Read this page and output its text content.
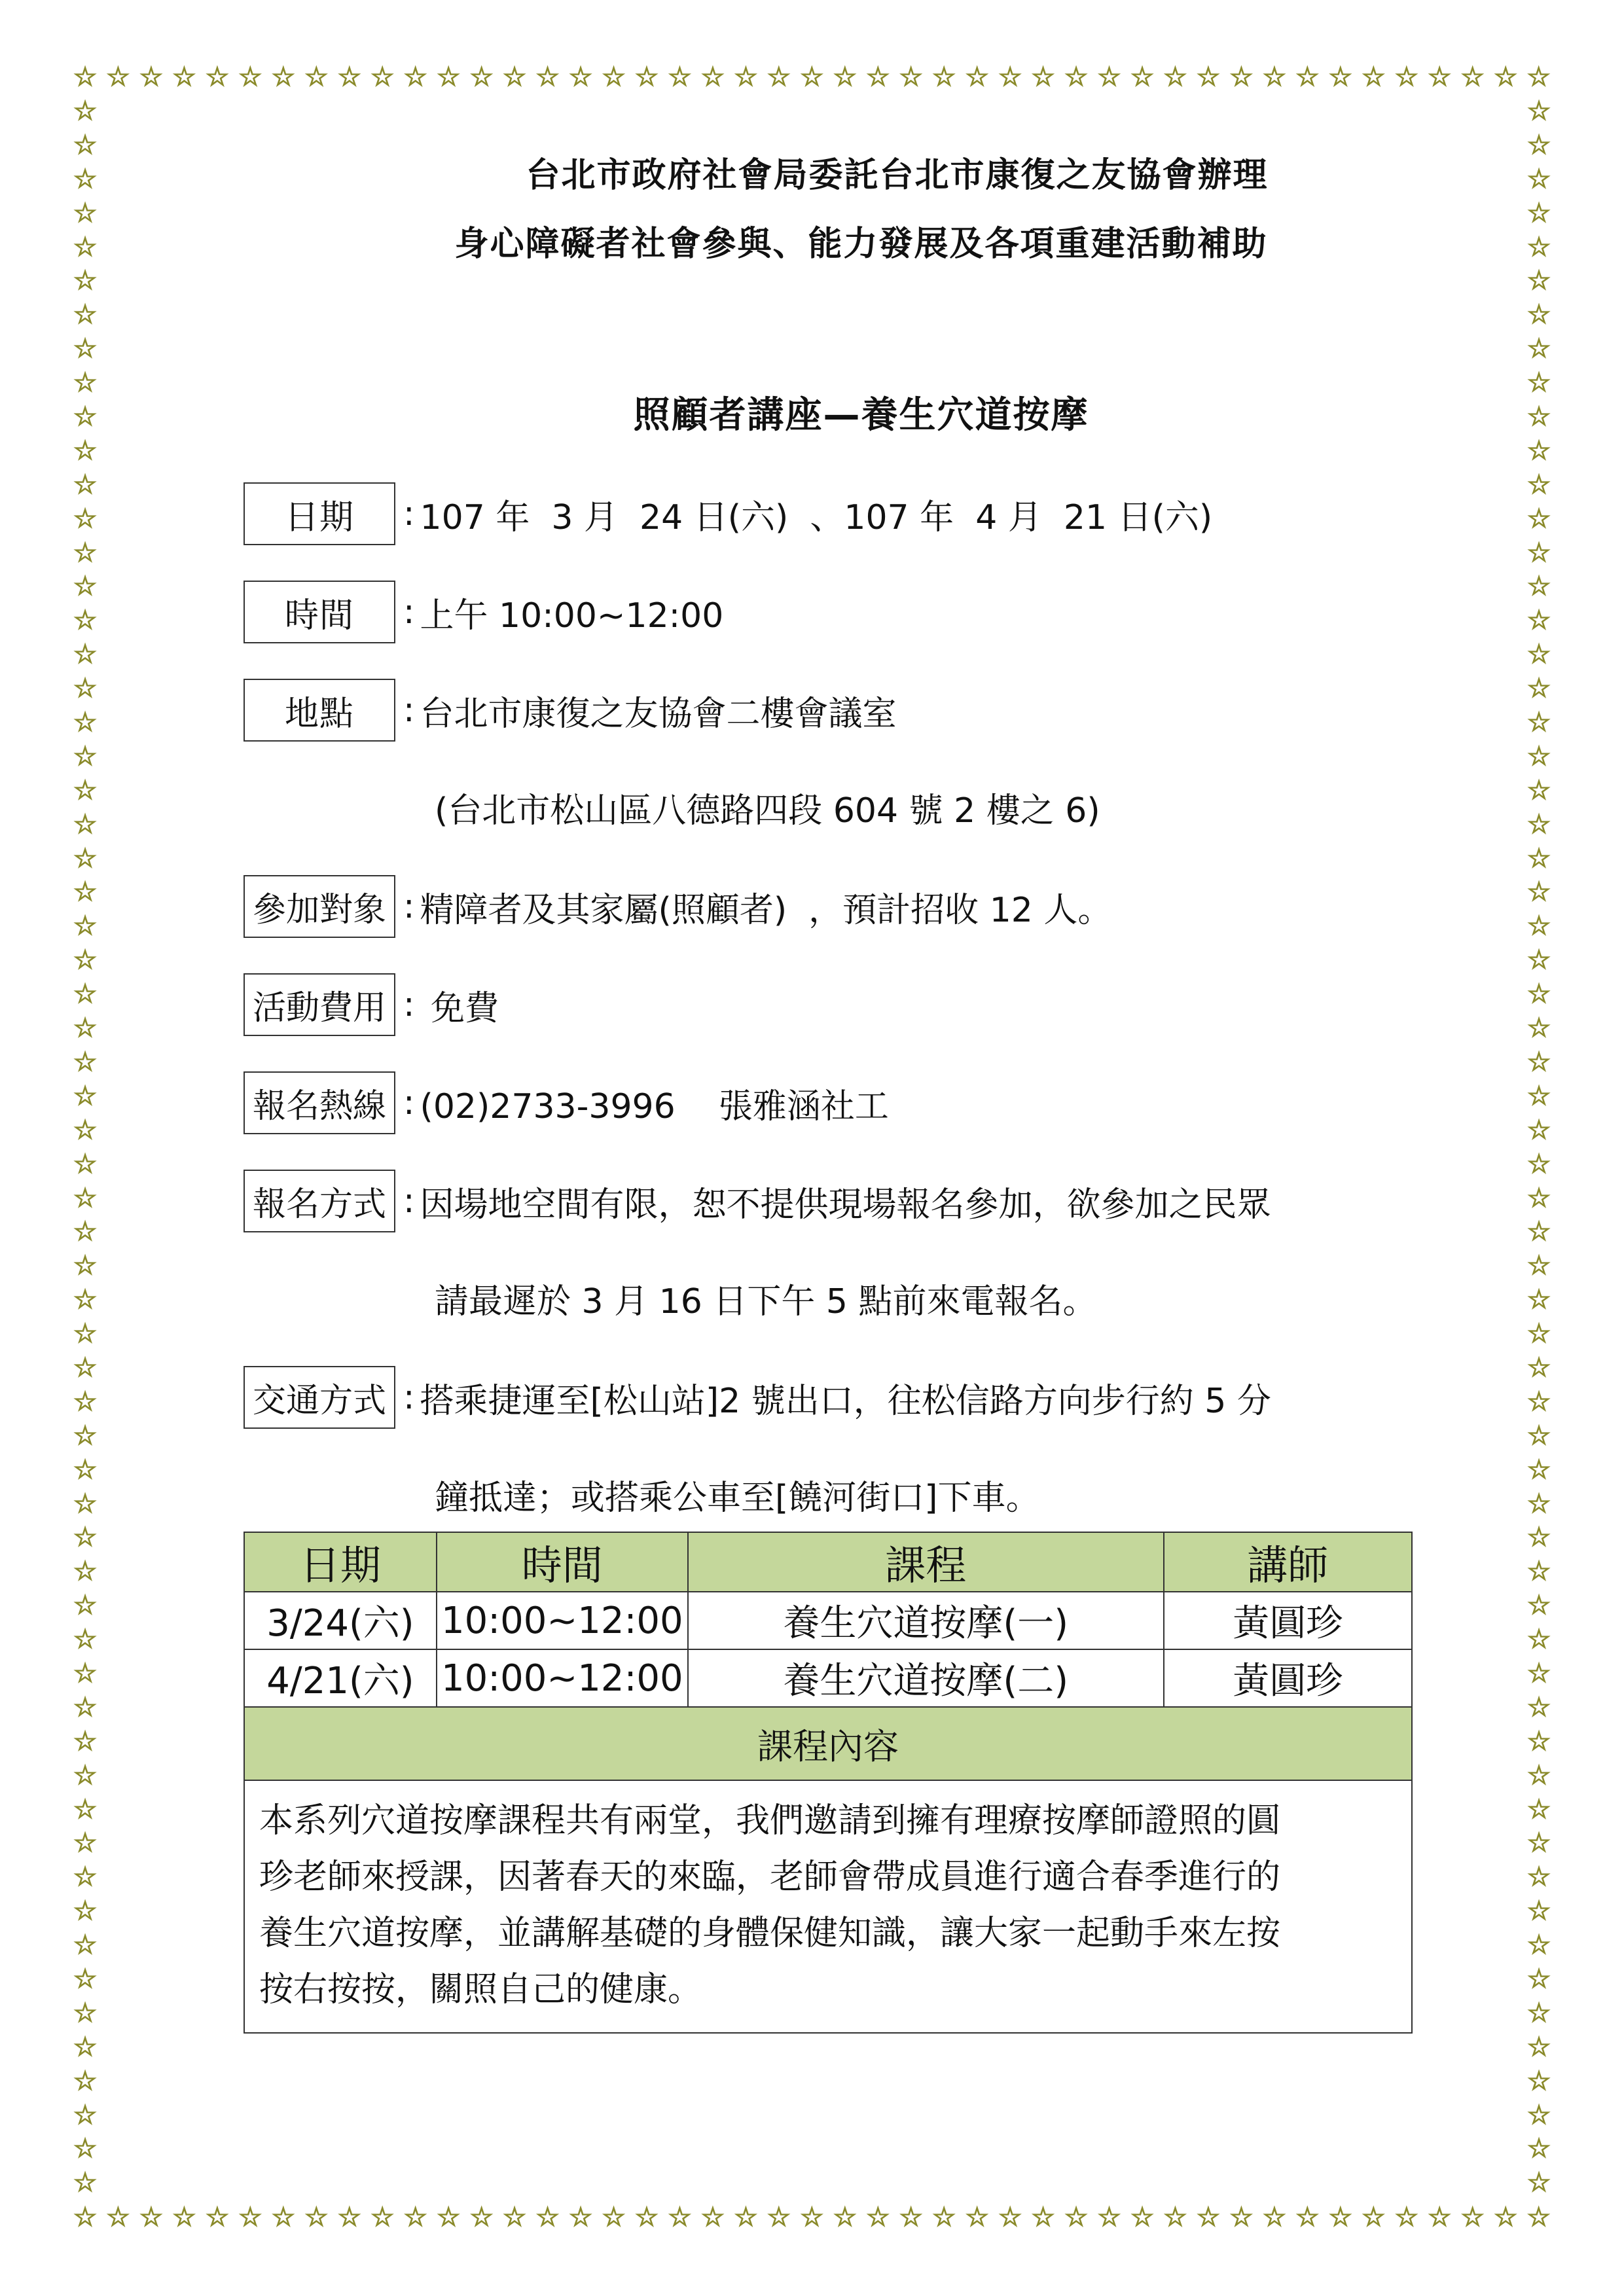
☆ ☆ ☆ ☆ ☆ ☆ ☆ ☆ ☆ ☆ ☆ ☆ ☆ ☆ ☆ ☆ ☆ ☆ ☆ ☆ ☆ ☆ ☆ ☆ ☆ ☆ ☆ ☆ ☆ ☆ ☆ ☆ ☆ ☆ ☆ ☆ ☆ ☆ ☆ ☆ ☆ ☆ ☆ ☆ ☆
☆ ☆ ☆ ☆ ☆ ☆ ☆ ☆ ☆ ☆ ☆ ☆ ☆ ☆ ☆ ☆ ☆ ☆ ☆ ☆ ☆ ☆ ☆ ☆ ☆ ☆ ☆ ☆ ☆ ☆ ☆ ☆ ☆ ☆ ☆ ☆ ☆ ☆ ☆ ☆ ☆ ☆ ☆ ☆ ☆
☆
☆
☆
☆
☆
☆
☆
☆
☆
☆
☆
☆
☆
☆
☆
☆
☆
☆
☆
☆
☆
☆
☆
☆
☆
☆
☆
☆
☆
☆
☆
☆
☆
☆
☆
☆
☆
☆
☆
☆
☆
☆
☆
☆
☆
☆
☆
☆
☆
☆
☆
☆
☆
☆
☆
☆
☆
☆
☆
☆
☆
☆
☆
☆
☆
☆
☆
☆
☆
☆
☆
☆
☆
☆
☆
☆
☆
☆
☆
☆
☆
☆
☆
☆
☆
☆
☆
☆
☆
☆
☆
☆
☆
☆
☆
☆
☆
☆
☆
☆
☆
☆
☆
☆
☆
☆
☆
☆
☆
☆
☆
☆
☆
☆
☆
☆
☆
☆
☆
☆
☆
☆
☆
☆
台北市政府社會局委託台北市康復之友協會辦理
身心障礙者社會參與、能力發展及各項重建活動補助
照顧者講座—養生穴道按摩
日期	: 107 年  3 月  24 日(六)  、107 年  4 月  21 日(六)
時間	: 上午 10:00~12:00
地點	: 台北市康復之友協會二樓會議室
(台北市松山區八德路四段 604 號 2 樓之 6)
參加對象 : 精障者及其家屬(照顧者)  ，預計招收 12 人。
活動費用 : 免費
報名熱線 : (02)2733-3996    張雅涵社工
報名方式 : 因場地空間有限，恕不提供現場報名參加，欲參加之民眾
請最遲於 3 月 16 日下午 5 點前來電報名。
交通方式 : 搭乘捷運至[松山站]2 號出口，往松信路方向步行約 5 分
鐘抵達；或搭乘公車至[饒河街口]下車。
日期	時間	課程	講師
3/24(六)	10:00~12:00	養生穴道按摩(一)	黃圓珍
4/21(六)	10:00~12:00	養生穴道按摩(二)	黃圓珍
課程內容			

本系列穴道按摩課程共有兩堂，我們邀請到擁有理療按摩師證照的圓
珍老師來授課，因著春天的來臨，老師會帶成員進行適合春季進行的
養生穴道按摩，並講解基礎的身體保健知識，讓大家一起動手來左按
按右按按，關照自己的健康。			
